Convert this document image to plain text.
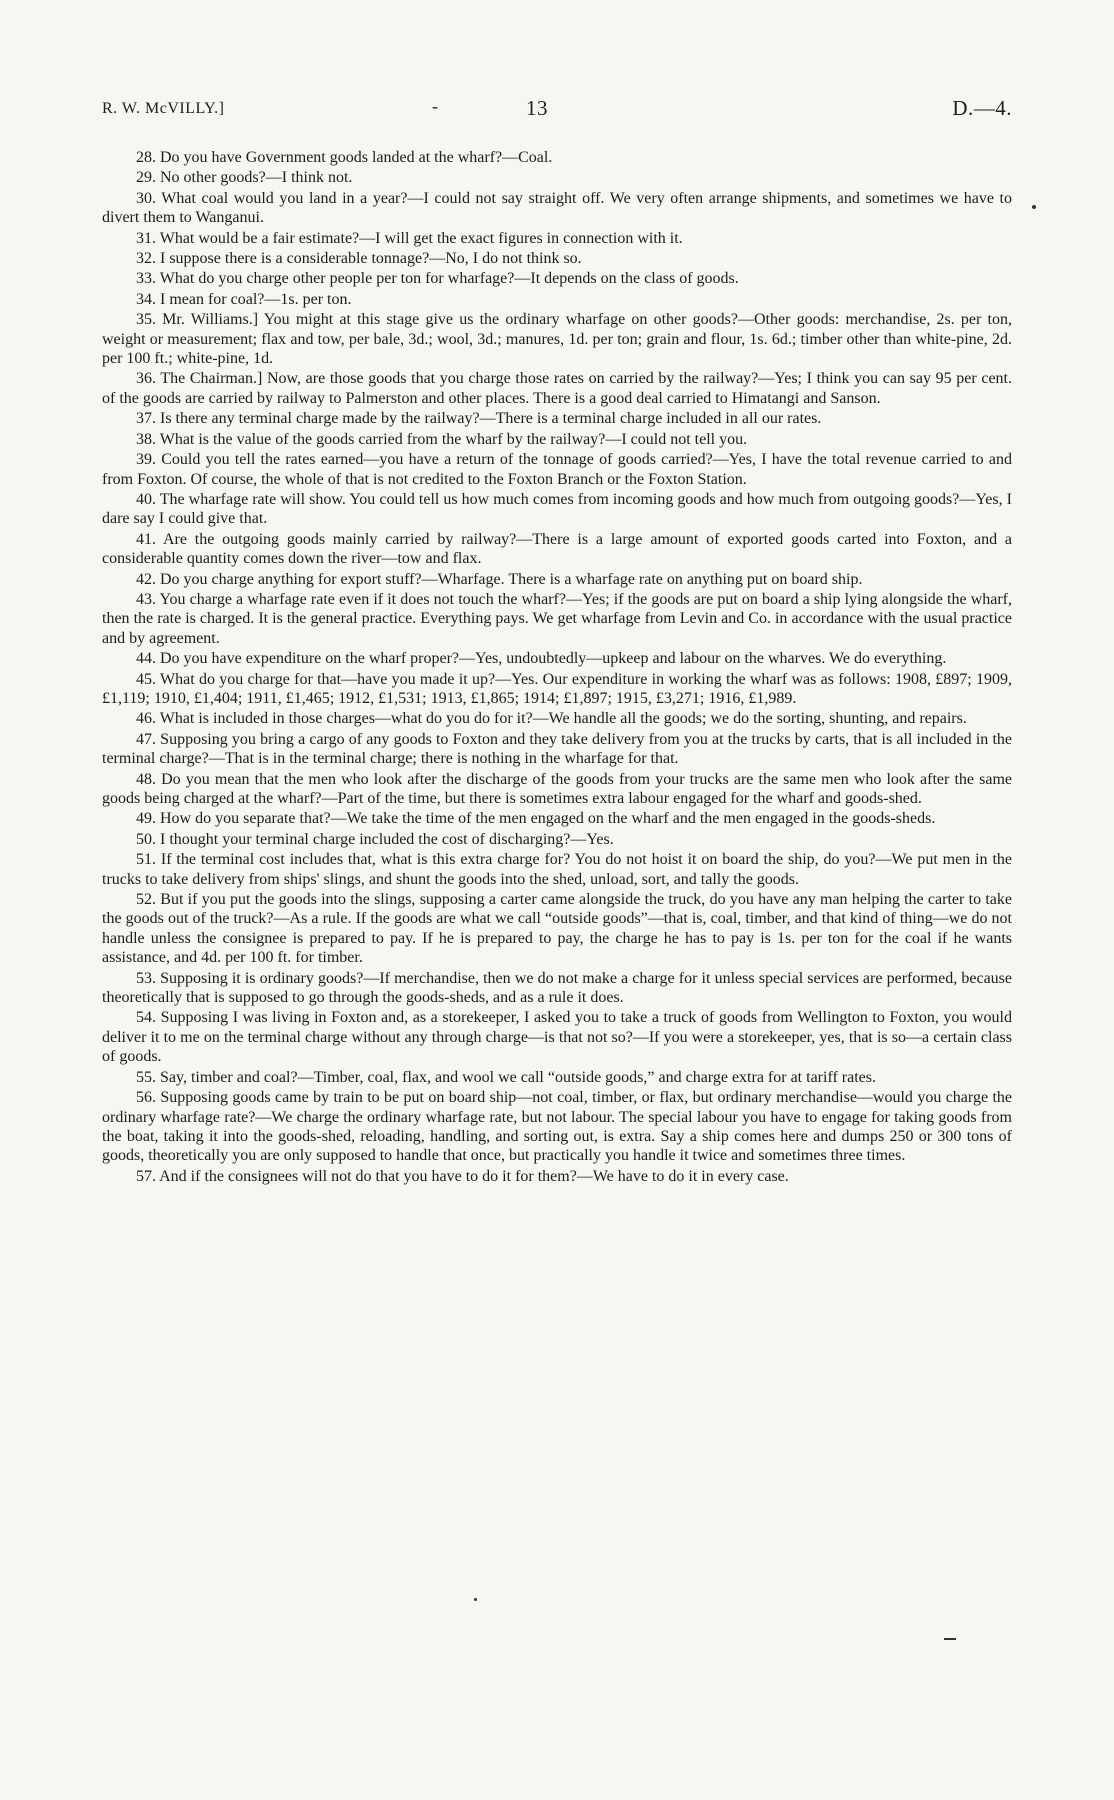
R. W. McVILLY.]	-	13	D.—4.

28. Do you have Government goods landed at the wharf?—Coal.

29. No other goods?—I think not.

30. What coal would you land in a year?—I could not say straight off. We very often arrange shipments, and sometimes we have to divert them to Wanganui.

31. What would be a fair estimate?—I will get the exact figures in connection with it.

32. I suppose there is a considerable tonnage?—No, I do not think so.

33. What do you charge other people per ton for wharfage?—It depends on the class of goods.

34. I mean for coal?—1s. per ton.

35. Mr. Williams.] You might at this stage give us the ordinary wharfage on other goods?—Other goods: merchandise, 2s. per ton, weight or measurement; flax and tow, per bale, 3d.; wool, 3d.; manures, 1d. per ton; grain and flour, 1s. 6d.; timber other than white-pine, 2d. per 100 ft.; white-pine, 1d.

36. The Chairman.] Now, are those goods that you charge those rates on carried by the railway?—Yes; I think you can say 95 per cent. of the goods are carried by railway to Palmerston and other places. There is a good deal carried to Himatangi and Sanson.

37. Is there any terminal charge made by the railway?—There is a terminal charge included in all our rates.

38. What is the value of the goods carried from the wharf by the railway?—I could not tell you.

39. Could you tell the rates earned—you have a return of the tonnage of goods carried?—Yes, I have the total revenue carried to and from Foxton. Of course, the whole of that is not credited to the Foxton Branch or the Foxton Station.

40. The wharfage rate will show. You could tell us how much comes from incoming goods and how much from outgoing goods?—Yes, I dare say I could give that.

41. Are the outgoing goods mainly carried by railway?—There is a large amount of exported goods carted into Foxton, and a considerable quantity comes down the river—tow and flax.

42. Do you charge anything for export stuff?—Wharfage. There is a wharfage rate on anything put on board ship.

43. You charge a wharfage rate even if it does not touch the wharf?—Yes; if the goods are put on board a ship lying alongside the wharf, then the rate is charged. It is the general practice. Everything pays. We get wharfage from Levin and Co. in accordance with the usual practice and by agreement.

44. Do you have expenditure on the wharf proper?—Yes, undoubtedly—upkeep and labour on the wharves. We do everything.

45. What do you charge for that—have you made it up?—Yes. Our expenditure in working the wharf was as follows: 1908, £897; 1909, £1,119; 1910, £1,404; 1911, £1,465; 1912, £1,531; 1913, £1,865; 1914; £1,897; 1915, £3,271; 1916, £1,989.

46. What is included in those charges—what do you do for it?—We handle all the goods; we do the sorting, shunting, and repairs.

47. Supposing you bring a cargo of any goods to Foxton and they take delivery from you at the trucks by carts, that is all included in the terminal charge?—That is in the terminal charge; there is nothing in the wharfage for that.

48. Do you mean that the men who look after the discharge of the goods from your trucks are the same men who look after the same goods being charged at the wharf?—Part of the time, but there is sometimes extra labour engaged for the wharf and goods-shed.

49. How do you separate that?—We take the time of the men engaged on the wharf and the men engaged in the goods-sheds.

50. I thought your terminal charge included the cost of discharging?—Yes.

51. If the terminal cost includes that, what is this extra charge for? You do not hoist it on board the ship, do you?—We put men in the trucks to take delivery from ships' slings, and shunt the goods into the shed, unload, sort, and tally the goods.

52. But if you put the goods into the slings, supposing a carter came alongside the truck, do you have any man helping the carter to take the goods out of the truck?—As a rule. If the goods are what we call “outside goods”—that is, coal, timber, and that kind of thing—we do not handle unless the consignee is prepared to pay. If he is prepared to pay, the charge he has to pay is 1s. per ton for the coal if he wants assistance, and 4d. per 100 ft. for timber.

53. Supposing it is ordinary goods?—If merchandise, then we do not make a charge for it unless special services are performed, because theoretically that is supposed to go through the goods-sheds, and as a rule it does.

54. Supposing I was living in Foxton and, as a storekeeper, I asked you to take a truck of goods from Wellington to Foxton, you would deliver it to me on the terminal charge without any through charge—is that not so?—If you were a storekeeper, yes, that is so—a certain class of goods.

55. Say, timber and coal?—Timber, coal, flax, and wool we call “outside goods,” and charge extra for at tariff rates.

56. Supposing goods came by train to be put on board ship—not coal, timber, or flax, but ordinary merchandise—would you charge the ordinary wharfage rate?—We charge the ordinary wharfage rate, but not labour. The special labour you have to engage for taking goods from the boat, taking it into the goods-shed, reloading, handling, and sorting out, is extra. Say a ship comes here and dumps 250 or 300 tons of goods, theoretically you are only supposed to handle that once, but practically you handle it twice and sometimes three times.

57. And if the consignees will not do that you have to do it for them?—We have to do it in every case.
